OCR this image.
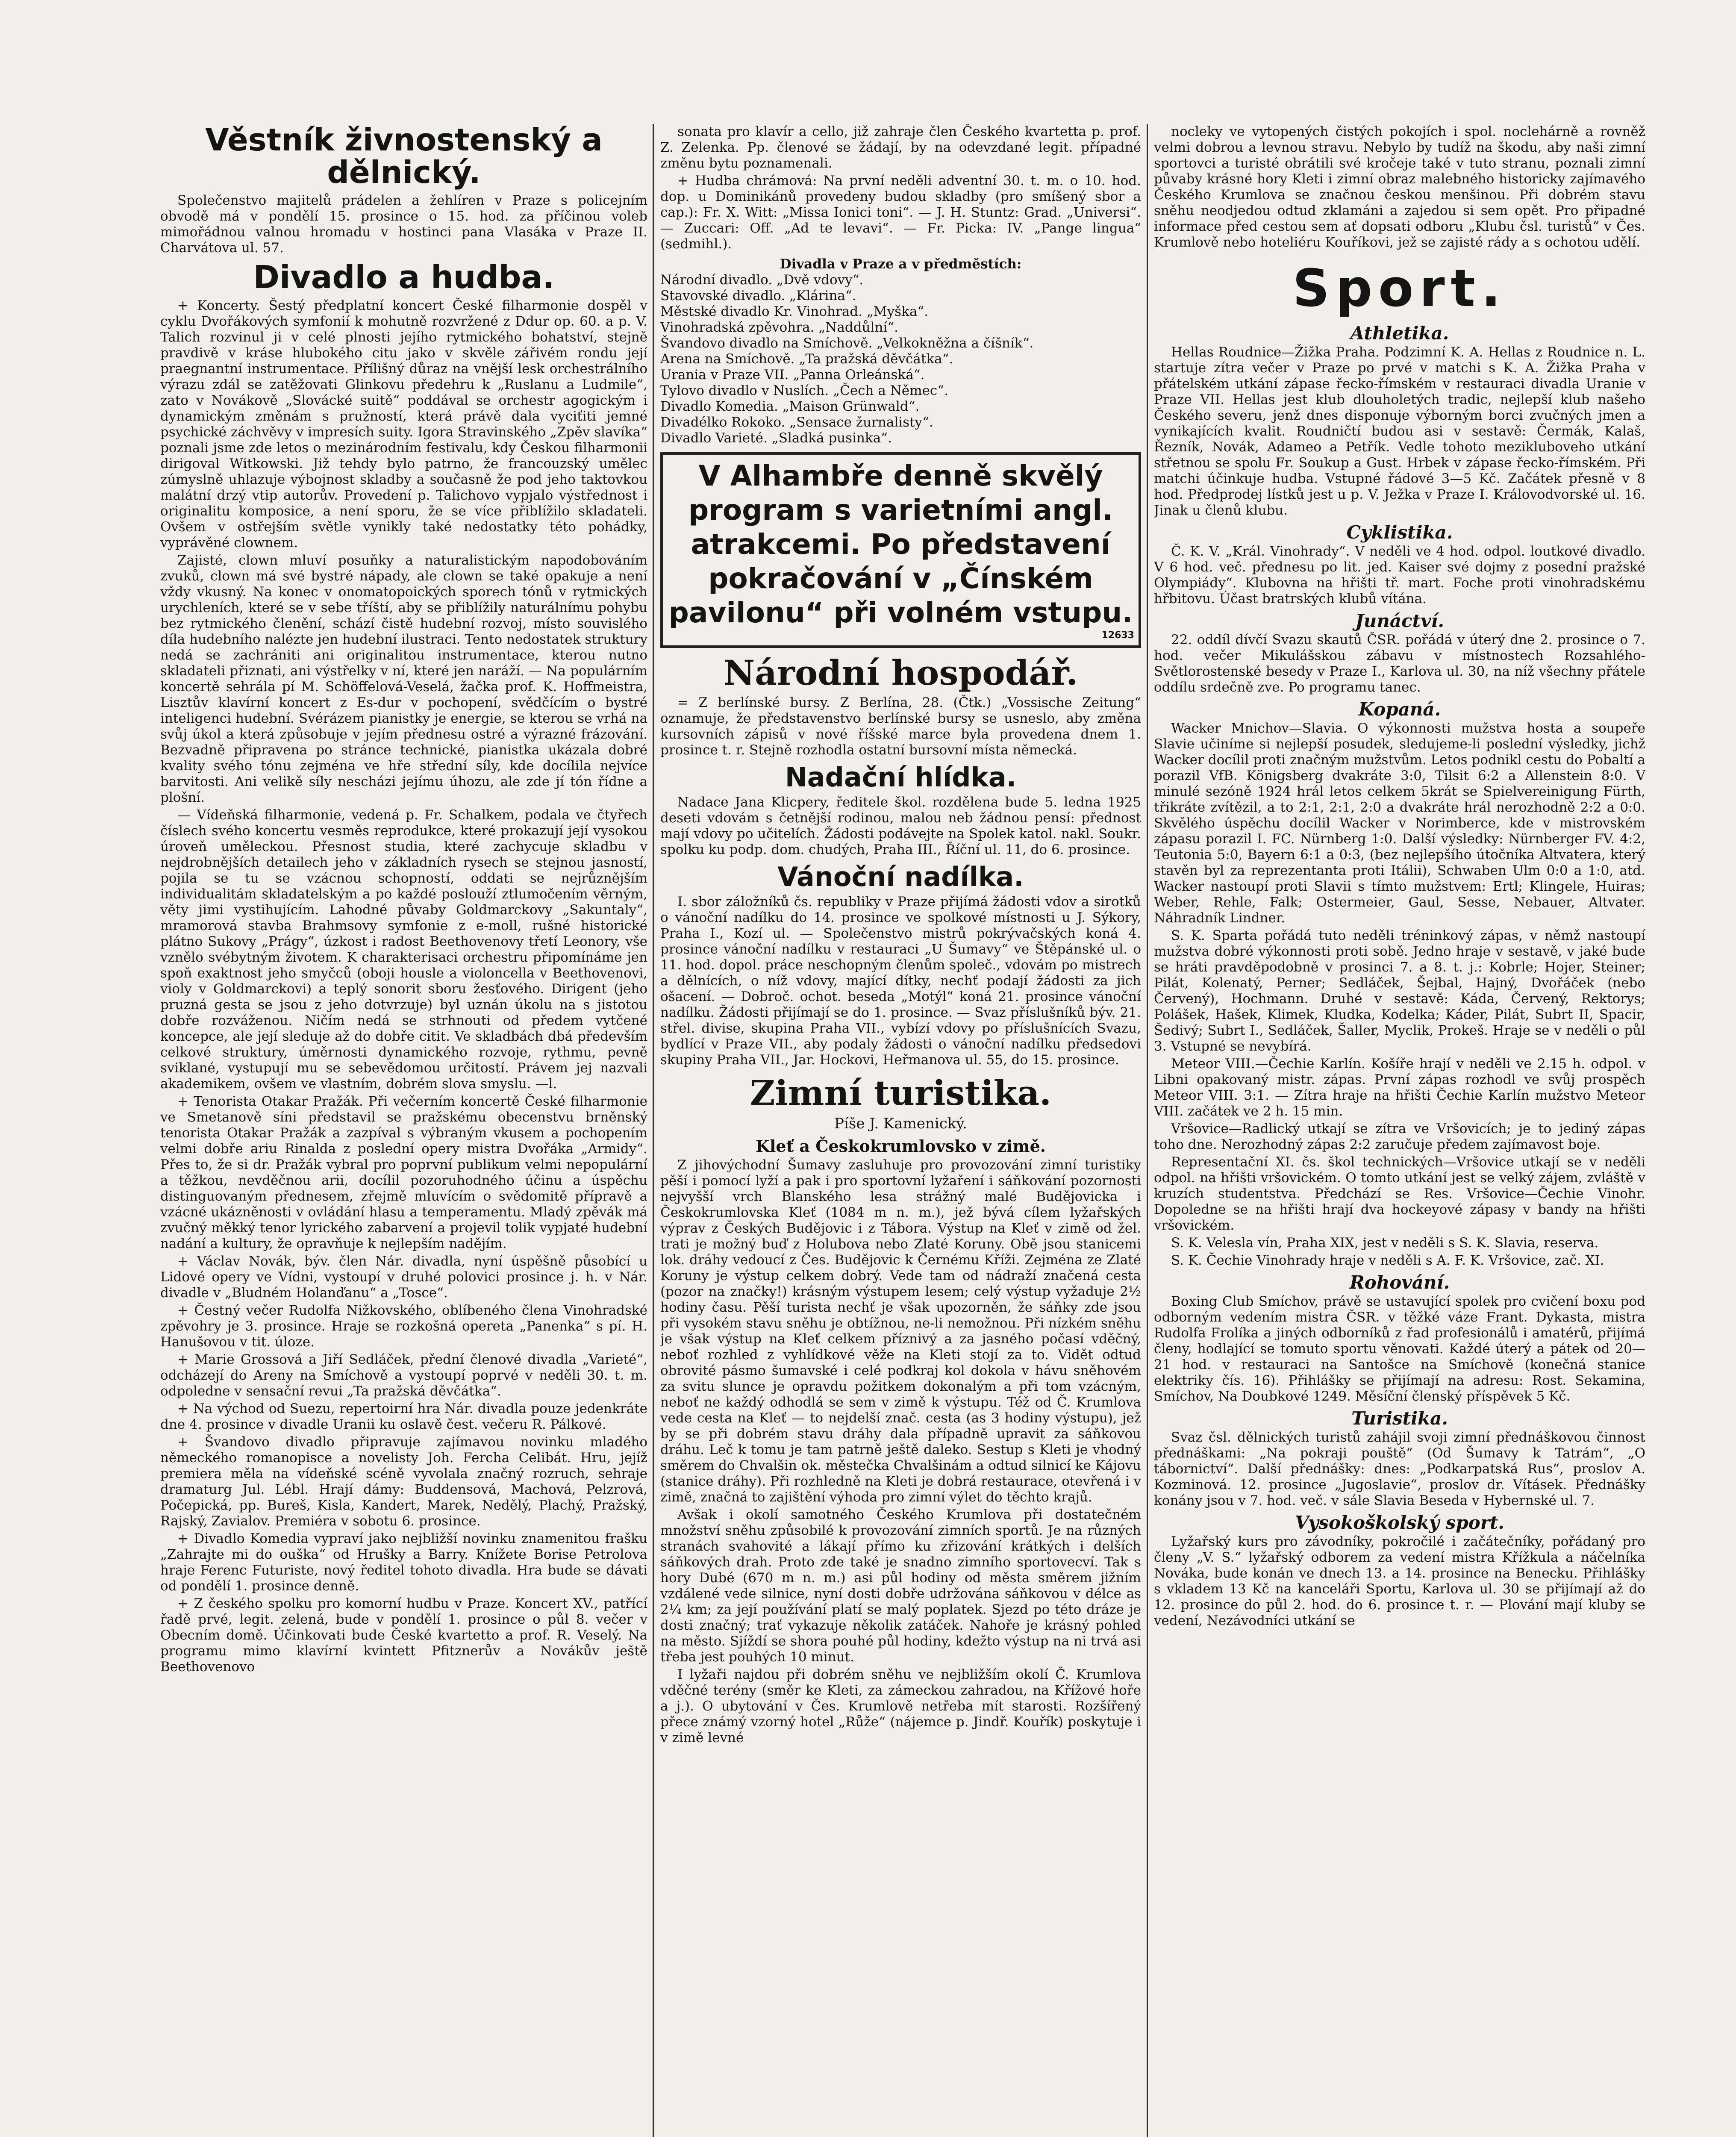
Věstník živnostenský a dělnický.

Společenstvo majitelů prádelen a žehlíren v Praze s policejním obvodě má v pondělí 15. prosince o 15. hod. za příčinou voleb mimořádnou valnou hromadu v hostinci pana Vlasáka v Praze II. Charvátova ul. 57.

Divadlo a hudba.

+ Koncerty. Šestý předplatní koncert České filharmonie dospěl v cyklu Dvořákových symfonií k mohutně rozvržené z Ddur op. 60. a p. V. Talich rozvinul ji v celé plnosti jejího rytmického bohatství, stejně pravdivě v kráse hlubokého citu jako v skvěle zářivém rondu její praegnantní instrumentace. Přílišný důraz na vnější lesk orchestrálního výrazu zdál se zatěžovati Glinkovu předehru k „Ruslanu a Ludmile“, zato v Novákově „Slovácké suitě“ poddával se orchestr agogickým i dynamickým změnám s pružností, která právě dala vyciťiti jemné psychické záchvěvy v impresích suity. Igora Stravinského „Zpěv slavíka“ poznali jsme zde letos o mezinárodním festivalu, kdy Českou filharmonii dirigoval Witkowski. Již tehdy bylo patrno, že francouzský umělec zúmyslně uhlazuje výbojnost skladby a současně že pod jeho taktovkou malátní drzý vtip autorův. Provedení p. Talichovo vypjalo výstřednost i originalitu komposice, a není sporu, že se více přiblížilo skladateli. Ovšem v ostřejším světle vynikly také nedostatky této pohádky, vyprávěné clownem.

Zajisté, clown mluví posuňky a naturalistickým napodobováním zvuků, clown má své bystré nápady, ale clown se také opakuje a není vždy vkusný. Na konec v onomatopoických sporech tónů v rytmických urychleních, které se v sebe tříští, aby se přiblížily naturálnímu pohybu bez rytmického členění, schází čistě hudební rozvoj, místo souvislého díla hudebního nalézte jen hudební ilustraci. Tento nedostatek struktury nedá se zachrániti ani originalitou instrumentace, kterou nutno skladateli přiznati, ani výstřelky v ní, které jen naráží. — Na populárním koncertě sehrála pí M. Schöffelová-Veselá, žačka prof. K. Hoffmeistra, Lisztův klavírní koncert z Es-dur v pochopení, svědčícím o bystré inteligenci hudební. Svérázem pianistky je energie, se kterou se vrhá na svůj úkol a která způsobuje v jejím přednesu ostré a výrazné frázování. Bezvadně připravena po stránce technické, pianistka ukázala dobré kvality svého tónu zejména ve hře střední síly, kde docílila nejvíce barvitosti. Ani velikě síly nescházi jejímu úhozu, ale zde jí tón řídne a plošní.

— Vídeňská filharmonie, vedená p. Fr. Schalkem, podala ve čtyřech číslech svého koncertu vesměs reprodukce, které prokazují její vysokou úroveň uměleckou. Přesnost studia, které zachycuje skladbu v nejdrobnějších detailech jeho v základních rysech se stejnou jasností, pojila se tu se vzácnou schopností, oddati se nejrůznějším individualitám skladatelským a po každé poslouží ztlumočením věrným, věty jimi vystihujícím. Lahodné půvaby Goldmarckovy „Sakuntaly“, mramorová stavba Brahmsovy symfonie z e-moll, rušné historické plátno Sukovy „Prágy“, úzkost i radost Beethovenovy třetí Leonory, vše vznělo svébytným životem. K charakterisaci orchestru připomínáme jen spoň exaktnost jeho smyčců (oboji housle a violoncella v Beethovenovi, violy v Goldmarckovi) a teplý sonorit sboru žesťového. Dirigent (jeho pruzná gesta se jsou z jeho dotvrzuje) byl uznán úkolu na s jistotou dobře rozváženou. Ničím nedá se strhnouti od předem vytčené koncepce, ale její sleduje až do dobře citit. Ve skladbách dbá především celkové struktury, úměrnosti dynamického rozvoje, rythmu, pevně sviklané, vystupují mu se sebevědomou určitostí. Právem jej nazvali akademikem, ovšem ve vlastním, dobrém slova smyslu. —l.

+ Tenorista Otakar Pražák. Při večerním koncertě České filharmonie ve Smetanově síni představil se pražskému obecenstvu brněnský tenorista Otakar Pražák a zazpíval s výbraným vkusem a pochopením velmi dobře ariu Rinalda z poslední opery mistra Dvořáka „Armidy“. Přes to, že si dr. Pražák vybral pro poprvní publikum velmi nepopulární a těžkou, nevděčnou arii, docílil pozoruhodného účinu a úspěchu distinguovaným přednesem, zřejmě mluvícím o svědomitě přípravě a vzácné ukázněnosti v ovládání hlasu a temperamentu. Mladý zpěvák má zvučný měkký tenor lyrického zabarvení a projevil tolik vypjaté hudební nadání a kultury, že opravňuje k nejlepším nadějím.

+ Václav Novák, býv. člen Nár. divadla, nyní úspěšně působící u Lidové opery ve Vídni, vystoupí v druhé polovici prosince j. h. v Nár. divadle v „Bludném Holanďanu“ a „Tosce“.

+ Čestný večer Rudolfa Nižkovského, oblíbeného člena Vinohradské zpěvohry je 3. prosince. Hraje se rozkošná opereta „Panenka“ s pí. H. Hanušovou v tit. úloze.

+ Marie Grossová a Jiří Sedláček, přední členové divadla „Varieté“, odcházejí do Areny na Smíchově a vystoupí poprvé v neděli 30. t. m. odpoledne v sensační revui „Ta pražská děvčátka“.

+ Na východ od Suezu, repertoirní hra Nár. divadla pouze jedenkráte dne 4. prosince v divadle Uranii ku oslavě čest. večeru R. Pálkové.

+ Švandovo divadlo připravuje zajímavou novinku mladého německého romanopisce a novelisty Joh. Fercha Celibát. Hru, jejíž premiera měla na vídeňské scéně vyvolala značný rozruch, sehraje dramaturg Jul. Lébl. Hrají dámy: Buddensová, Machová, Pelzrová, Počepická, pp. Bureš, Kisla, Kandert, Marek, Nedělý, Plachý, Pražský, Rajský, Zavialov. Premiéra v sobotu 6. prosince.

+ Divadlo Komedia vypraví jako nejbližší novinku znamenitou frašku „Zahrajte mi do ouška“ od Hrušky a Barry. Knížete Borise Petrolova hraje Ferenc Futuriste, nový ředitel tohoto divadla. Hra bude se dávati od pondělí 1. prosince denně.

+ Z českého spolku pro komorní hudbu v Praze. Koncert XV., patřící řadě prvé, legit. zelená, bude v pondělí 1. prosince o půl 8. večer v Obecním domě. Účinkovati bude České kvartetto a prof. R. Veselý. Na programu mimo klavírní kvintett Pfitznerův a Novákův ještě Beethovenovo

sonata pro klavír a cello, již zahraje člen Českého kvartetta p. prof. Z. Zelenka. Pp. členové se žádají, by na odevzdané legit. případné změnu bytu poznamenali.

+ Hudba chrámová: Na první neděli adventní 30. t. m. o 10. hod. dop. u Dominikánů provedeny budou skladby (pro smíšený sbor a cap.): Fr. X. Witt: „Missa Ionici toni“. — J. H. Stuntz: Grad. „Universi“. — Zuccari: Off. „Ad te levavi“. — Fr. Picka: IV. „Pange lingua“ (sedmihl.).

Divadla v Praze a v předměstích:
Národní divadlo. „Dvě vdovy“.
Stavovské divadlo. „Klárina“.
Městské divadlo Kr. Vinohrad. „Myška“.
Vinohradská zpěvohra. „Naddůlní“.
Švandovo divadlo na Smíchově. „Velkokněžna a číšník“.
Arena na Smíchově. „Ta pražská děvčátka“.
Urania v Praze VII. „Panna Orleánská“.
Tylovo divadlo v Nuslích. „Čech a Němec“.
Divadlo Komedia. „Maison Grünwald“.
Divadélko Rokoko. „Sensace žurnalisty“.
Divadlo Varieté. „Sladká pusinka“.
V Alhambře denně skvělý program s varietními angl. atrakcemi. Po představení pokračování v „Čínském pavilonu“ při volném vstupu.
12633
Národní hospodář.

= Z berlínské bursy. Z Berlína, 28. (Čtk.) „Vossische Zeitung“ oznamuje, že představenstvo berlínské bursy se usneslo, aby změna kursovních zápisů v nové říšské marce byla provedena dnem 1. prosince t. r. Stejně rozhodla ostatní bursovní místa německá.

Nadační hlídka.

Nadace Jana Klicpery, ředitele škol. rozdělena bude 5. ledna 1925 deseti vdovám s četnější rodinou, malou neb žádnou pensí: přednost mají vdovy po učitelích. Žádosti podávejte na Spolek katol. nakl. Soukr. spolku ku podp. dom. chudých, Praha III., Říční ul. 11, do 6. prosince.

Vánoční nadílka.

I. sbor záložníků čs. republiky v Praze přijímá žádosti vdov a sirotků o vánoční nadílku do 14. prosince ve spolkové místnosti u J. Sýkory, Praha I., Kozí ul. — Společenstvo mistrů pokrývačských koná 4. prosince vánoční nadílku v restauraci „U Šumavy“ ve Štěpánské ul. o 11. hod. dopol. práce neschopným členům společ., vdovám po mistrech a dělnících, o níž vdovy, mající dítky, nechť podají žádosti za jich ošacení. — Dobroč. ochot. beseda „Motýl“ koná 21. prosince vánoční nadílku. Žádosti přijímají se do 1. prosince. — Svaz příslušníků býv. 21. střel. divise, skupina Praha VII., vybízí vdovy po příslušnících Svazu, bydlící v Praze VII., aby podaly žádosti o vánoční nadílku předsedovi skupiny Praha VII., Jar. Hockovi, Heřmanova ul. 55, do 15. prosince.

Zimní turistika.
Píše J. Kamenický.
Kleť a Českokrumlovsko v zimě.

Z jihovýchodní Šumavy zasluhuje pro provozování zimní turistiky pěší i pomocí lyží a pak i pro sportovní lyžaření i sáňkování pozornosti nejvyšší vrch Blanského lesa strážný malé Budějovicka i Českokrumlovska Kleť (1084 m n. m.), jež bývá cílem lyžařských výprav z Českých Budějovic i z Tábora. Výstup na Kleť v zimě od žel. trati je možný buď z Holubova nebo Zlaté Koruny. Obě jsou stanicemi lok. dráhy vedoucí z Čes. Budějovic k Černému Kříži. Zejména ze Zlaté Koruny je výstup celkem dobrý. Vede tam od nádraží značená cesta (pozor na značky!) krásným výstupem lesem; celý výstup vyžaduje 2½ hodiny času. Pěší turista nechť je však upozorněn, že sáňky zde jsou při vysokém stavu sněhu je obtížnou, ne-li nemožnou. Při nízkém sněhu je však výstup na Kleť celkem příznivý a za jasného počasí vděčný, neboť rozhled z vyhlídkové věže na Kleti stojí za to. Vidět odtud obrovité pásmo šumavské i celé podkraj kol dokola v hávu sněhovém za svitu slunce je opravdu požitkem dokonalým a při tom vzácným, neboť ne každý odhodlá se sem v zimě k výstupu. Též od Č. Krumlova vede cesta na Kleť — to nejdelší znač. cesta (as 3 hodiny výstupu), jež by se při dobrém stavu dráhy dala případně upravit za sáňkovou dráhu. Leč k tomu je tam patrně ještě daleko. Sestup s Kleti je vhodný směrem do Chvalšin ok. městečka Chvalšinám a odtud silnicí ke Kájovu (stanice dráhy). Při rozhledně na Kleti je dobrá restaurace, otevřená i v zimě, značná to zajištění výhoda pro zimní výlet do těchto krajů.

Avšak i okolí samotného Českého Krumlova při dostatečném množství sněhu způsobilé k provozování zimních sportů. Je na různých stranách svahovité a lákají přímo ku zřizování krátkých i delších sáňkových drah. Proto zde také je snadno zimního sportovecví. Tak s hory Dubé (670 m n. m.) asi půl hodiny od města směrem jižním vzdálené vede silnice, nyní dosti dobře udržována sáňkovou v délce as 2¼ km; za její používání platí se malý poplatek. Sjezd po této dráze je dosti značný; trať vykazuje několik zatáček. Nahoře je krásný pohled na město. Sjíždí se shora pouhé půl hodiny, kdežto výstup na ni trvá asi třeba jest pouhých 10 minut.

I lyžaři najdou při dobrém sněhu ve nejbližším okolí Č. Krumlova vděčné terény (směr ke Kleti, za zámeckou zahradou, na Křížové hoře a j.). O ubytování v Čes. Krumlově netřeba mít starosti. Rozšířený přece známý vzorný hotel „Růže“ (nájemce p. Jindř. Kouřík) poskytuje i v zimě levné

nocleky ve vytopených čistých pokojích i spol. noclehárně a rovněž velmi dobrou a levnou stravu. Nebylo by tudíž na škodu, aby naši zimní sportovci a turisté obrátili své kročeje také v tuto stranu, poznali zimní půvaby krásné hory Kleti i zimní obraz malebného historicky zajímavého Českého Krumlova se značnou českou menšinou. Při dobrém stavu sněhu neodjedou odtud zklamáni a zajedou si sem opět. Pro připadné informace před cestou sem ať dopsati odboru „Klubu čsl. turistů“ v Čes. Krumlově nebo hoteliéru Kouříkovi, jež se zajisté rády a s ochotou udělí.

Sport.
Athletika.

Hellas Roudnice—Žižka Praha. Podzimní K. A. Hellas z Roudnice n. L. startuje zítra večer v Praze po prvé v matchi s K. A. Žižka Praha v přátelském utkání zápase řecko-římském v restauraci divadla Uranie v Praze VII. Hellas jest klub dlouholetých tradic, nejlepší klub našeho Českého severu, jenž dnes disponuje výborným borci zvučných jmen a vynikajících kvalit. Roudničtí budou asi v sestavě: Čermák, Kalaš, Řezník, Novák, Adameo a Petřík. Vedle tohoto mezikluboveho utkání střetnou se spolu Fr. Soukup a Gust. Hrbek v zápase řecko-římském. Při matchi účinkuje hudba. Vstupné řádové 3—5 Kč. Začátek přesně v 8 hod. Předprodej lístků jest u p. V. Ježka v Praze I. Královodvorské ul. 16. Jinak u členů klubu.

Cyklistika.

Č. K. V. „Král. Vinohrady“. V neděli ve 4 hod. odpol. loutkové divadlo. V 6 hod. več. přednesu po lit. jed. Kaiser své dojmy z posední pražské Olympiády“. Klubovna na hřišti tř. mart. Foche proti vinohradskému hřbitovu. Účast bratrských klubů vítána.

Junáctví.

22. oddíl dívčí Svazu skautů ČSR. pořádá v úterý dne 2. prosince o 7. hod. večer Mikulášskou zábavu v místnostech Rozsahlého-Světlorostenské besedy v Praze I., Karlova ul. 30, na níž všechny přátele oddílu srdečně zve. Po programu tanec.

Kopaná.

Wacker Mnichov—Slavia. O výkonnosti mužstva hosta a soupeře Slavie učiníme si nejlepší posudek, sledujeme-li poslední výsledky, jichž Wacker docílil proti značným mužstvům. Letos podnikl cestu do Pobaltí a porazil VfB. Königsberg dvakráte 3:0, Tilsit 6:2 a Allenstein 8:0. V minulé sezóně 1924 hrál letos celkem 5krát se Spielvereinigung Fürth, třikráte zvítězil, a to 2:1, 2:1, 2:0 a dvakráte hrál nerozhodně 2:2 a 0:0. Skvělého úspěchu docílil Wacker v Norimberce, kde v mistrovském zápasu porazil I. FC. Nürnberg 1:0. Další výsledky: Nürnberger FV. 4:2, Teutonia 5:0, Bayern 6:1 a 0:3, (bez nejlepšího útočníka Altvatera, který stavěn byl za reprezentanta proti Itálii), Schwaben Ulm 0:0 a 1:0, atd. Wacker nastoupí proti Slavii s tímto mužstvem: Ertl; Klingele, Huiras; Weber, Rehle, Falk; Ostermeier, Gaul, Sesse, Nebauer, Altvater. Náhradník Lindner.

S. K. Sparta pořádá tuto neděli tréninkový zápas, v němž nastoupí mužstva dobré výkonnosti proti sobě. Jedno hraje v sestavě, v jaké bude se hráti pravděpodobně v prosinci 7. a 8. t. j.: Kobrle; Hojer, Steiner; Pilát, Kolenatý, Perner; Sedláček, Šejbal, Hajný, Dvořáček (nebo Červený), Hochmann. Druhé v sestavě: Káda, Červený, Rektorys; Polášek, Hašek, Klimek, Kludka, Kodelka; Káder, Pilát, Subrt II, Spacir, Šedivý; Subrt I., Sedláček, Šaller, Myclik, Prokeš. Hraje se v neděli o půl 3. Vstupné se nevybírá.

Meteor VIII.—Čechie Karlín. Košíře hrají v neděli ve 2.15 h. odpol. v Libni opakovaný mistr. zápas. První zápas rozhodl ve svůj prospěch Meteor VIII. 3:1. — Zítra hraje na hřišti Čechie Karlín mužstvo Meteor VIII. začátek ve 2 h. 15 min.

Vršovice—Radlický utkají se zítra ve Vršovicích; je to jediný zápas toho dne. Nerozhodný zápas 2:2 zaručuje předem zajímavost boje.

Representační XI. čs. škol technických—Vršovice utkají se v neděli odpol. na hřišti vršovickém. O tomto utkání jest se velký zájem, zvláště v kruzích studentstva. Předchází se Res. Vršovice—Čechie Vinohr. Dopoledne se na hřišti hrají dva hockeyové zápasy v bandy na hřišti vršovickém.

S. K. Velesla vín, Praha XIX, jest v neděli s S. K. Slavia, reserva.

S. K. Čechie Vinohrady hraje v neděli s A. F. K. Vršovice, zač. XI.

Rohování.

Boxing Club Smíchov, právě se ustavující spolek pro cvičení boxu pod odborným vedením mistra ČSR. v těžké váze Frant. Dykasta, mistra Rudolfa Frolíka a jiných odborníků z řad profesionálů i amatérů, přijímá členy, hodlající se tomuto sportu věnovati. Každé úterý a pátek od 20—21 hod. v restauraci na Santošce na Smíchově (konečná stanice elektriky čís. 16). Přihlášky se přijímají na adresu: Rost. Sekamina, Smíchov, Na Doubkové 1249. Měsíční členský příspěvek 5 Kč.

Turistika.

Svaz čsl. dělnických turistů zahájil svoji zimní přednáškovou činnost přednáškami: „Na pokraji pouště“ (Od Šumavy k Tatrám“, „O tábornictví“. Další přednášky: dnes: „Podkarpatská Rus“, proslov A. Kozminová. 12. prosince „Jugoslavie“, proslov dr. Vításek. Přednášky konány jsou v 7. hod. več. v sále Slavia Beseda v Hybernské ul. 7.

Vysokoškolský sport.

Lyžařský kurs pro závodníky, pokročilé i začátečníky, pořádaný pro členy „V. S.“ lyžařský odborem za vedení mistra Křížkula a náčelníka Nováka, bude konán ve dnech 13. a 14. prosince na Benecku. Přihlášky s vkladem 13 Kč na kanceláři Sportu, Karlova ul. 30 se přijímají až do 12. prosince do půl 2. hod. do 6. prosince t. r. — Plování mají kluby se vedení, Nezávodníci utkání se
